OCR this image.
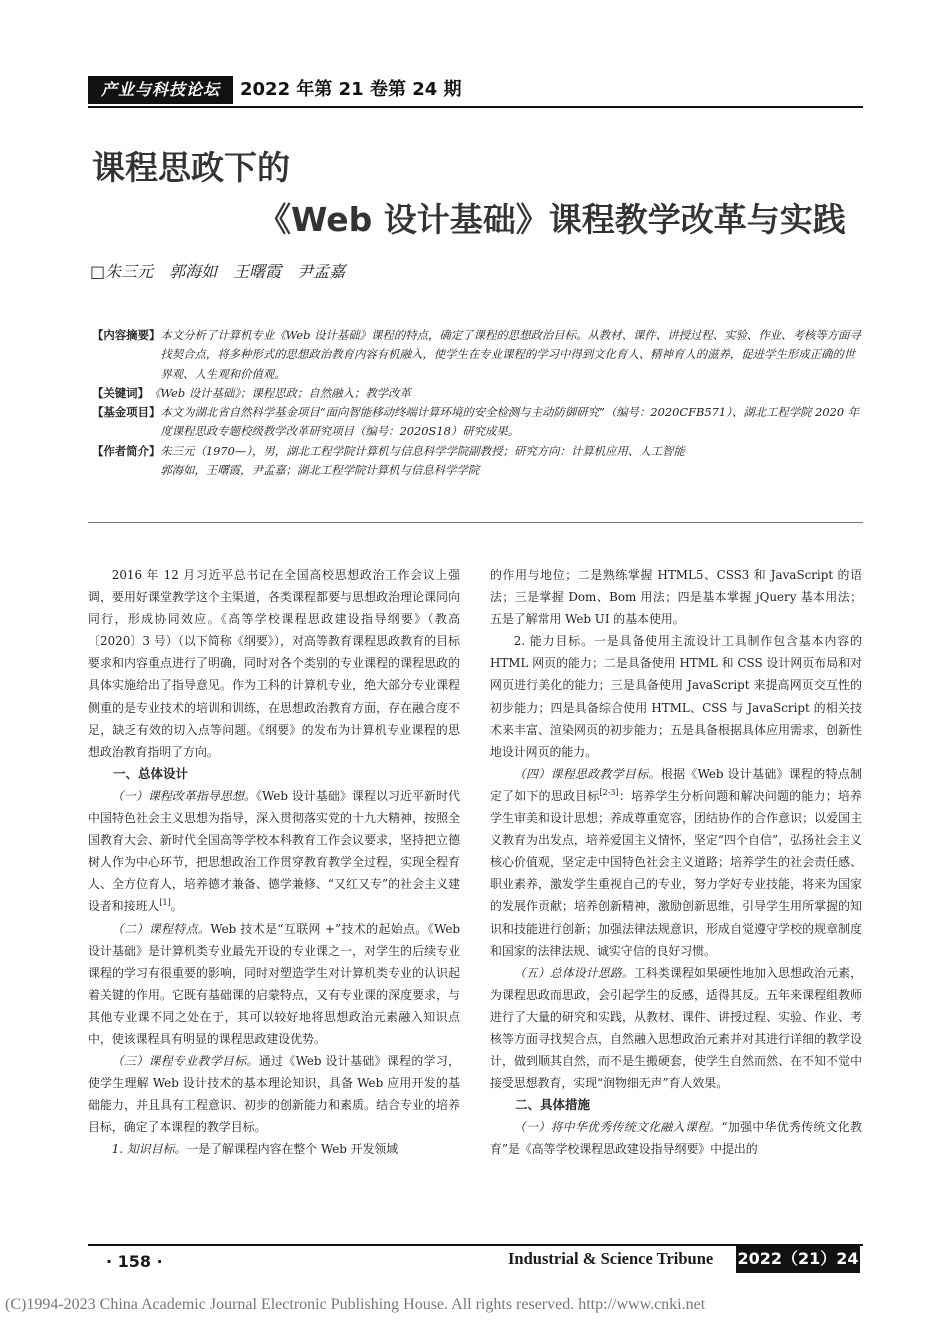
产业与科技论坛	2022 年第 21 卷第 24 期
课程思政下的
《Web 设计基础》课程教学改革与实践
□朱三元　郭海如　王曙霞　尹孟嘉
【内容摘要】 本文分析了计算机专业《Web 设计基础》课程的特点，确定了课程的思想政治目标。从教材、课件、讲授过程、实验、作业、考核等方面寻找契合点，将多种形式的思想政治教育内容有机融入，使学生在专业课程的学习中得到文化育人、精神育人的滋养，促进学生形成正确的世界观、人生观和价值观。
【关键词】 《Web 设计基础》；课程思政；自然融入；教学改革
【基金项目】 本文为湖北省自然科学基金项目“面向智能移动终端计算环境的安全检测与主动防御研究”（编号：2020CFB571）、湖北工程学院 2020 年度课程思政专题校级教学改革研究项目（编号：2020S18）研究成果。
【作者简介】 朱三元（1970—），男，湖北工程学院计算机与信息科学学院副教授；研究方向：计算机应用、人工智能
郭海如，王曙霞，尹孟嘉；湖北工程学院计算机与信息科学学院

2016 年 12 月习近平总书记在全国高校思想政治工作会议上强调，要用好课堂教学这个主渠道，各类课程都要与思想政治理论课同向同行，形成协同效应。《高等学校课程思政建设指导纲要》（教高〔2020〕3 号）（以下简称《纲要》），对高等教育课程思政教育的目标要求和内容重点进行了明确，同时对各个类别的专业课程的课程思政的具体实施给出了指导意见。作为工科的计算机专业，绝大部分专业课程侧重的是专业技术的培训和训练，在思想政治教育方面，存在融合度不足，缺乏有效的切入点等问题。《纲要》的发布为计算机专业课程的思想政治教育指明了方向。

一、总体设计

（一）课程改革指导思想。《Web 设计基础》课程以习近平新时代中国特色社会主义思想为指导，深入贯彻落实党的十九大精神，按照全国教育大会、新时代全国高等学校本科教育工作会议要求，坚持把立德树人作为中心环节，把思想政治工作贯穿教育教学全过程，实现全程育人、全方位育人，培养德才兼备、德学兼修、“又红又专”的社会主义建设者和接班人[1]。

（二）课程特点。Web 技术是“互联网 +”技术的起始点。《Web 设计基础》是计算机类专业最先开设的专业课之一，对学生的后续专业课程的学习有很重要的影响，同时对塑造学生对计算机类专业的认识起着关键的作用。它既有基础课的启蒙特点，又有专业课的深度要求，与其他专业课不同之处在于，其可以较好地将思想政治元素融入知识点中，使该课程具有明显的课程思政建设优势。

（三）课程专业教学目标。通过《Web 设计基础》课程的学习，使学生理解 Web 设计技术的基本理论知识，具备 Web 应用开发的基础能力，并且具有工程意识、初步的创新能力和素质。结合专业的培养目标，确定了本课程的教学目标。

1. 知识目标。一是了解课程内容在整个 Web 开发领域

的作用与地位；二是熟练掌握 HTML5、CSS3 和 JavaScript 的语法；三是掌握 Dom、Bom 用法；四是基本掌握 jQuery 基本用法；五是了解常用 Web UI 的基本使用。

2. 能力目标。一是具备使用主流设计工具制作包含基本内容的 HTML 网页的能力；二是具备使用 HTML 和 CSS 设计网页布局和对网页进行美化的能力；三是具备使用 JavaScript 来提高网页交互性的初步能力；四是具备综合使用 HTML、CSS 与 JavaScript 的相关技术来丰富、渲染网页的初步能力；五是具备根据具体应用需求，创新性地设计网页的能力。

（四）课程思政教学目标。根据《Web 设计基础》课程的特点制定了如下的思政目标[2-3]：培养学生分析问题和解决问题的能力；培养学生审美和设计思想；养成尊重宽容，团结协作的合作意识；以爱国主义教育为出发点，培养爱国主义情怀，坚定“四个自信”，弘扬社会主义核心价值观，坚定走中国特色社会主义道路；培养学生的社会责任感、职业素养，激发学生重视自己的专业，努力学好专业技能，将来为国家的发展作贡献；培养创新精神，激励创新思维，引导学生用所掌握的知识和技能进行创新；加强法律法规意识，形成自觉遵守学校的规章制度和国家的法律法规、诚实守信的良好习惯。

（五）总体设计思路。工科类课程如果硬性地加入思想政治元素，为课程思政而思政，会引起学生的反感，适得其反。五年来课程组教师进行了大量的研究和实践，从教材、课件、讲授过程、实验、作业、考核等方面寻找契合点，自然融入思想政治元素并对其进行详细的教学设计，做到顺其自然，而不是生搬硬套，使学生自然而然、在不知不觉中接受思想教育，实现“润物细无声”育人效果。

二、具体措施

（一）将中华优秀传统文化融入课程。“加强中华优秀传统文化教育”是《高等学校课程思政建设指导纲要》中提出的

· 158 ·	Industrial & Science Tribune 2022（21）24
(C)1994-2023 China Academic Journal Electronic Publishing House. All rights reserved. http://www.cnki.net
